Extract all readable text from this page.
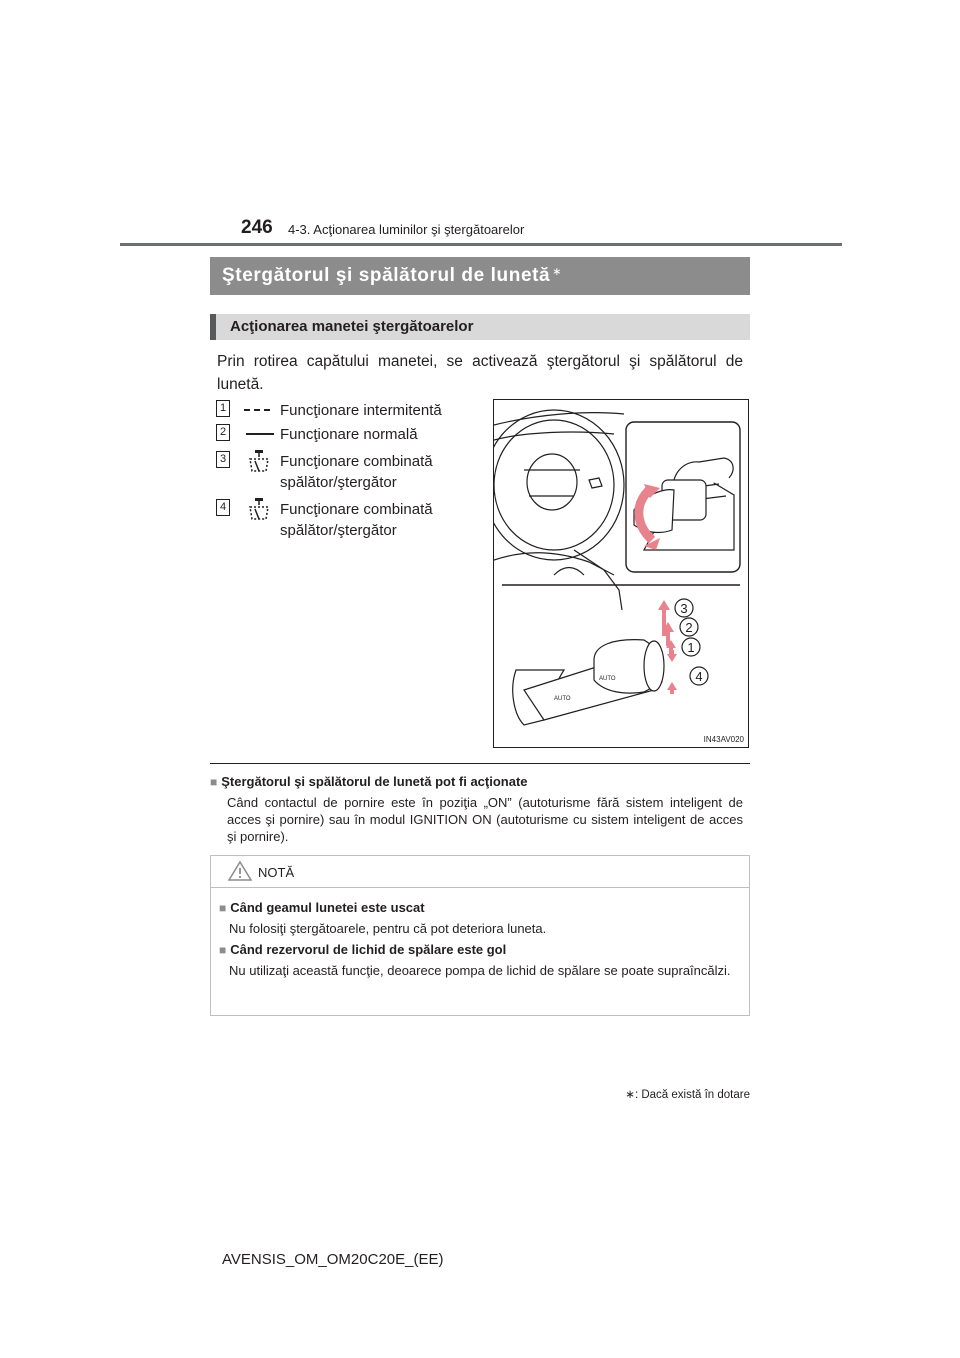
246 4-3. Acţionarea luminilor şi ştergătoarelor
Ştergătorul şi spălătorul de lunetă ∗
Acţionarea manetei ştergătoarelor
Prin rotirea capătului manetei, se activează ştergătorul şi spălătorul de lunetă.
1	Funcţionare intermitentă
2	Funcţionare normală
3	Funcţionare combinată spălător/ştergător
4	Funcţionare combinată spălător/ştergător
AUTO
AUTO
3
2
1
4
IN43AV020
■ Ştergătorul şi spălătorul de lunetă pot fi acţionate
Când contactul de pornire este în poziţia „ON” (autoturisme fără sistem inteligent de acces şi pornire) sau în modul IGNITION ON (autoturisme cu sistem inteligent de acces şi pornire).
NOTĂ
■ Când geamul lunetei este uscat
Nu folosiţi ştergătoarele, pentru că pot deteriora luneta.
■ Când rezervorul de lichid de spălare este gol
Nu utilizaţi această funcţie, deoarece pompa de lichid de spălare se poate supraîncălzi.
∗: Dacă există în dotare
AVENSIS_OM_OM20C20E_(EE)
